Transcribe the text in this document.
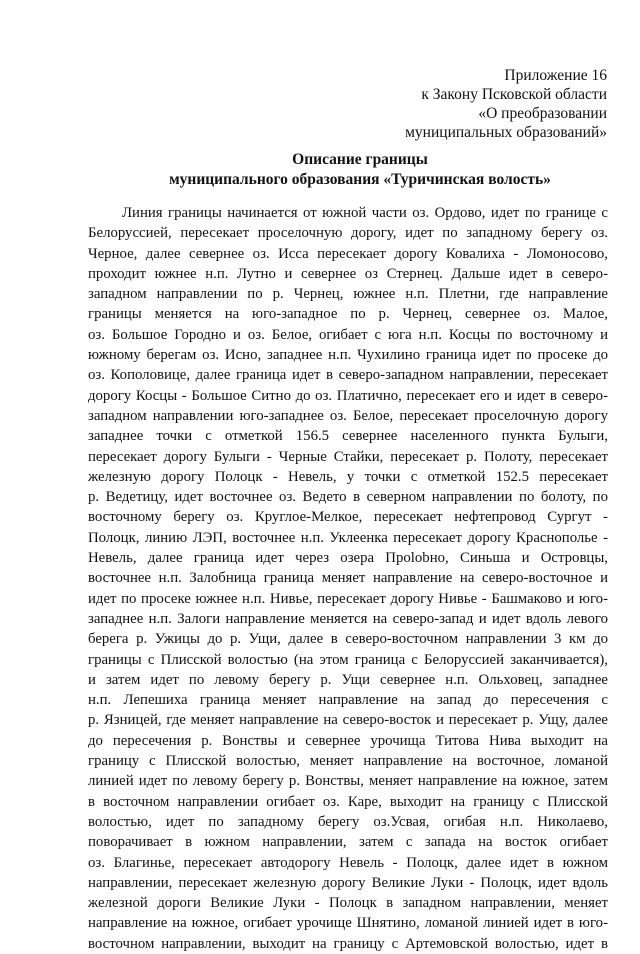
Приложение 16
к Закону Псковской области
«О преобразовании
муниципальных образований»
Описание границы
муниципального образования «Туричинская волость»
Линия границы начинается от южной части оз. Ордово, идет по границе с
Белоруссией, пересекает проселочную дорогу, идет по западному берегу оз.
Черное, далее севернее оз. Исса пересекает дорогу Ковалиха - Ломоносово,
проходит южнее н.п. Лутно и севернее оз Стернец. Дальше идет в северо-
западном направлении по р. Чернец, южнее н.п. Плетни, где направление
границы меняется на юго-западное по р. Чернец, севернее оз. Малое,
оз. Большое Городно и оз. Белое, огибает с юга н.п. Косцы по восточному и
южному берегам оз. Исно, западнее н.п. Чухилино граница идет по просеке до
оз. Кополовице, далее граница идет в северо-западном направлении, пересекает
дорогу Косцы - Большое Ситно до оз. Платично, пересекает его и идет в северо-
западном направлении юго-западнее оз. Белое, пересекает проселочную дорогу
западнее точки с отметкой 156.5 севернее населенного пункта Булыги,
пересекает дорогу Булыги - Черные Стайки, пересекает р. Полоту, пересекает
железную дорогу Полоцк - Невель, у точки с отметкой 152.5 пересекает
р. Ведетицу, идет восточнее оз. Ведето в северном направлении по болоту, по
восточному берегу оз. Круглое-Мелкое, пересекает нефтепровод Сургут -
Полоцк, линию ЛЭП, восточнее н.п. Уклеенка пересекает дорогу Краснополье -
Невель, далее граница идет через озера Прolobно, Синьша и Островцы,
восточнее н.п. Залобница граница меняет направление на северо-восточное и
идет по просеке южнее н.п. Нивье, пересекает дорогу Нивье - Башмаково и юго-
западнее н.п. Залоги направление меняется на северо-запад и идет вдоль левого
берега р. Ужицы до р. Ущи, далее в северо-восточном направлении 3 км до
границы с Плисской волостью (на этом граница с Белоруссией заканчивается),
и затем идет по левому берегу р. Ущи севернее н.п. Ольховец, западнее
н.п. Лепешиха граница меняет направление на запад до пересечения с
р. Язницей, где меняет направление на северо-восток и пересекает р. Ущу, далее
до пересечения р. Вонствы и севернее урочища Титова Нива выходит на
границу с Плисской волостью, меняет направление на восточное, ломаной
линией идет по левому берегу р. Вонствы, меняет направление на южное, затем
в восточном направлении огибает оз. Каре, выходит на границу с Плисской
волостью, идет по западному берегу оз.Усвая, огибая н.п. Николаево,
поворачивает в южном направлении, затем с запада на восток огибает
оз. Благинье, пересекает автодорогу Невель - Полоцк, далее идет в южном
направлении, пересекает железную дорогу Великие Луки - Полоцк, идет вдоль
железной дороги Великие Луки - Полоцк в западном направлении, меняет
направление на южное, огибает урочище Шнятино, ломаной линией идет в юго-
восточном направлении, выходит на границу с Артемовской волостью, идет в
